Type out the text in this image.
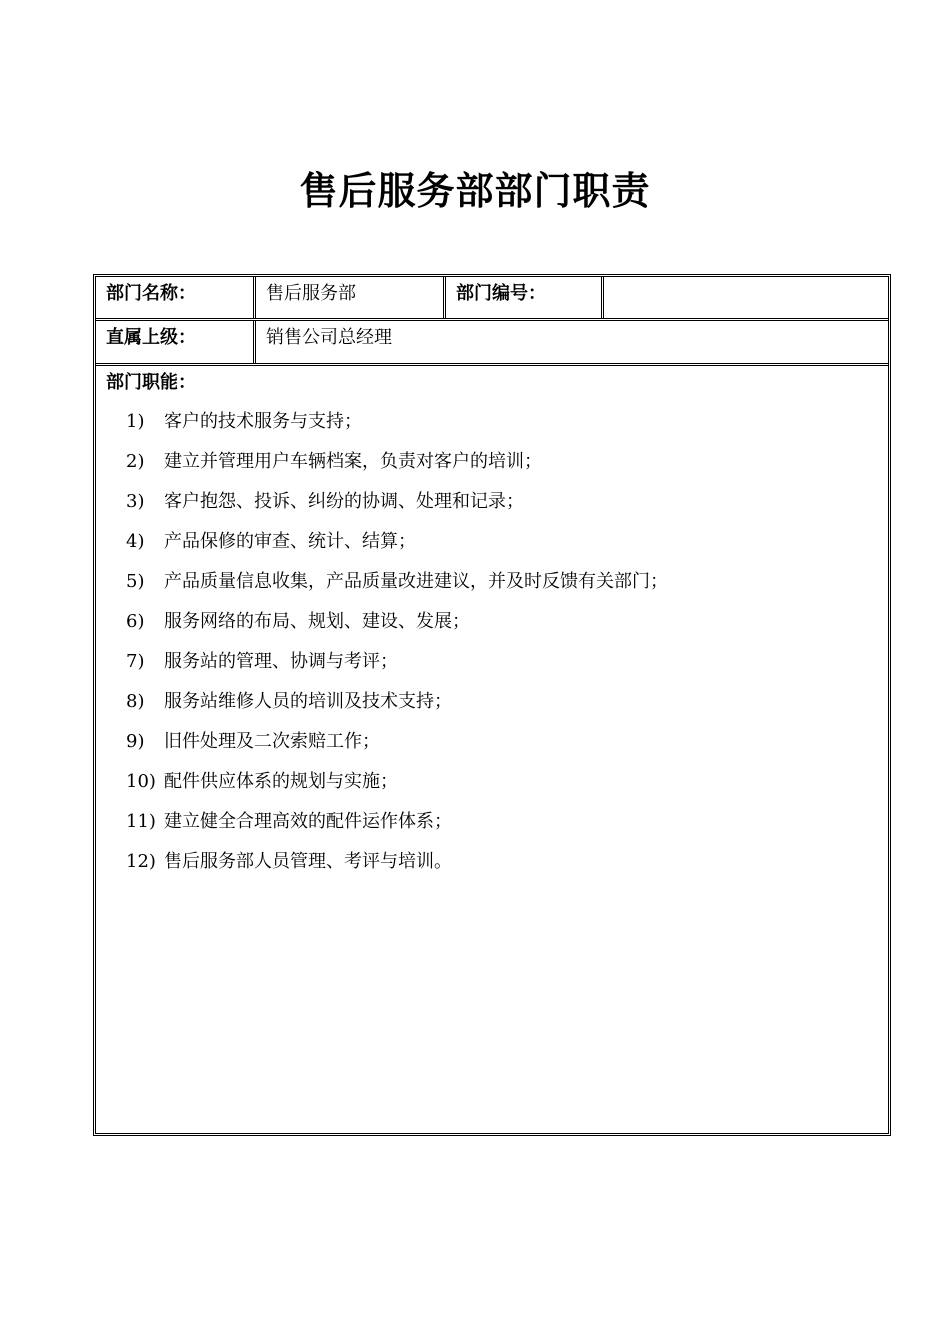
售后服务部部门职责
部门名称：	售后服务部	部门编号：
直属上级：	销售公司总经理
部门职能：
1)	客户的技术服务与支持；
2)	建立并管理用户车辆档案，负责对客户的培训；
3)	客户抱怨、投诉、纠纷的协调、处理和记录；
4)	产品保修的审查、统计、结算；
5)	产品质量信息收集，产品质量改进建议，并及时反馈有关部门；
6)	服务网络的布局、规划、建设、发展；
7)	服务站的管理、协调与考评；
8)	服务站维修人员的培训及技术支持；
9)	旧件处理及二次索赔工作；
10) 配件供应体系的规划与实施；
11) 建立健全合理高效的配件运作体系；
12) 售后服务部人员管理、考评与培训。
